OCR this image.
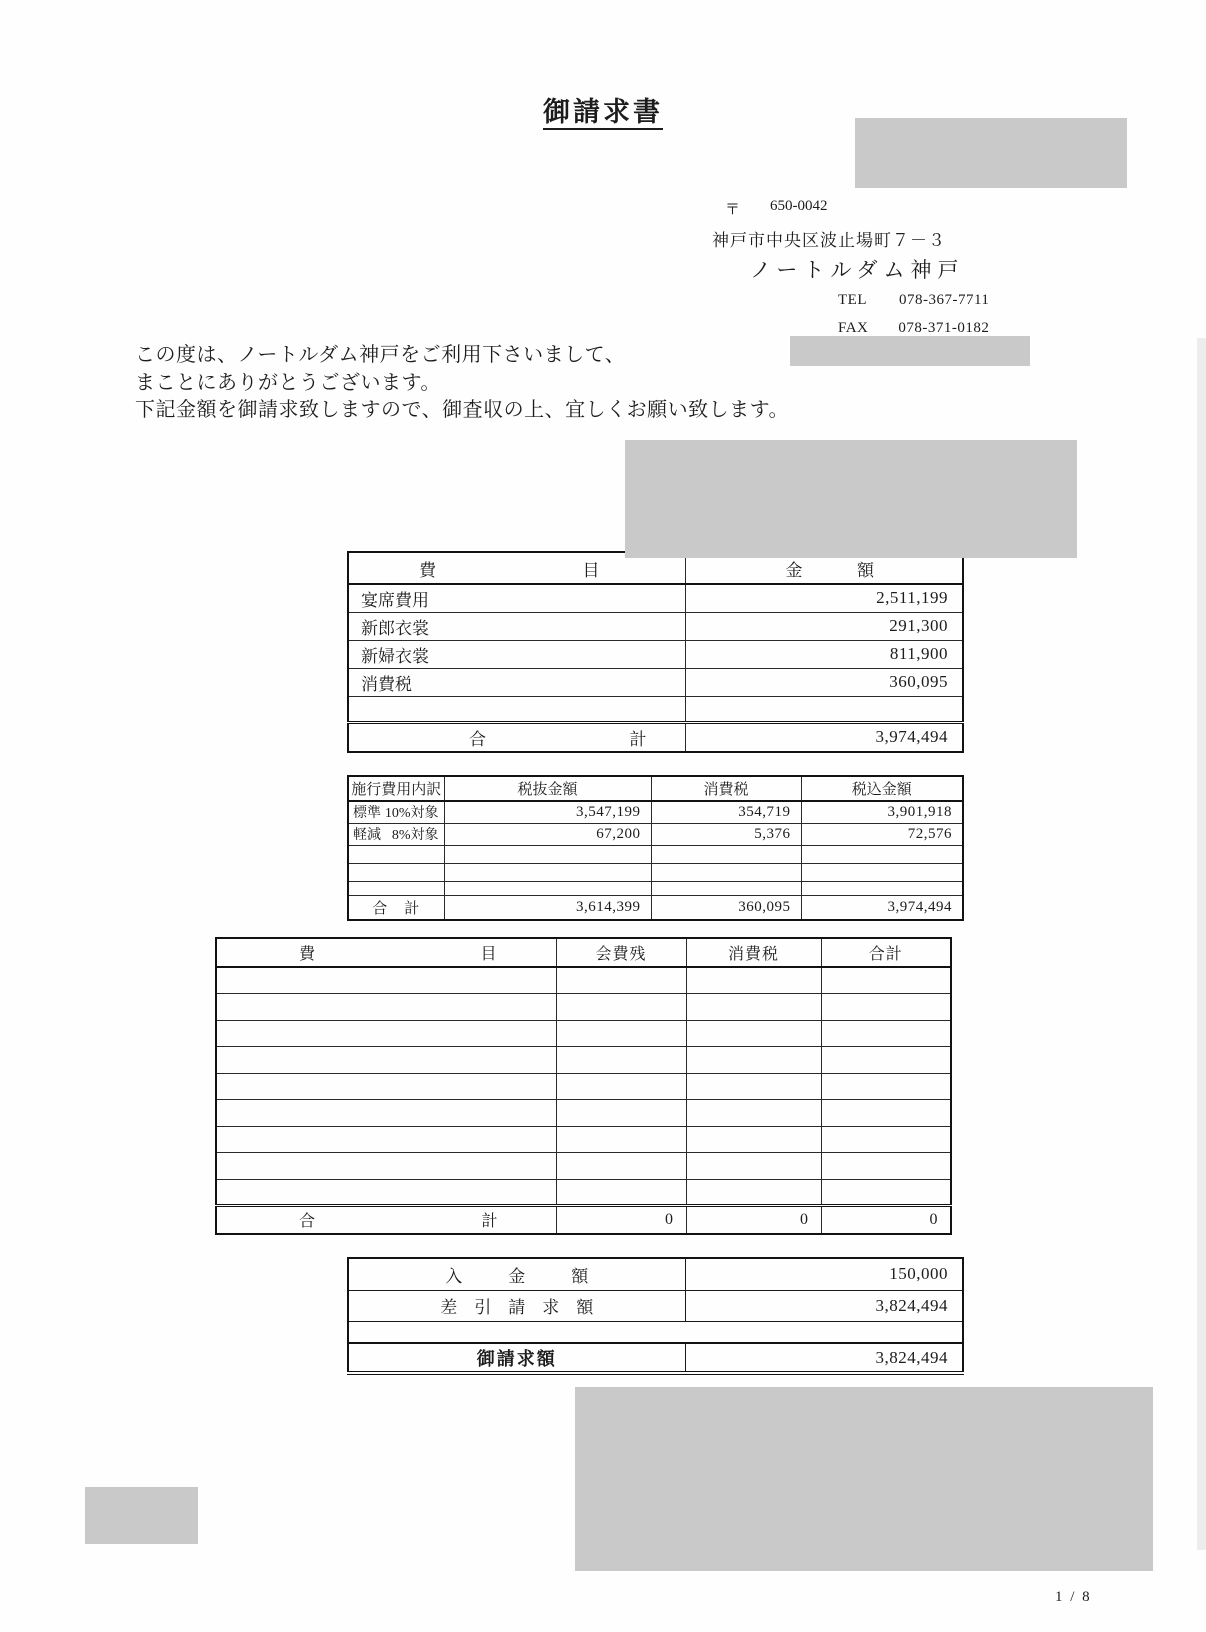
御請求書
〒 650-0042
神戸市中央区波止場町７－３
ノートルダム神戸
TEL 078-367-7711
FAX 078-371-0182
この度は、ノートルダム神戸をご利用下さいまして、
まことにありがとうございます。
下記金額を御請求致しますので、御査収の上、宜しくお願い致します。
費 目	金 額

宴席費用	2,511,199
新郎衣裳	291,300
新婦衣裳	811,900
消費税	360,095

合 計	3,974,494
施行費用内訳	税抜金額	消費税	税込金額

標準 10%対象	3,547,199	354,719	3,901,918

軽減 8%対象	67,200	5,376	72,576

合　計	3,614,399	360,095	3,974,494
費 目	会費残	消費税	合計

合 計	0	0	0
入金額	150,000
差引請求額	3,824,494

御請求額	3,824,494
1 / 8
